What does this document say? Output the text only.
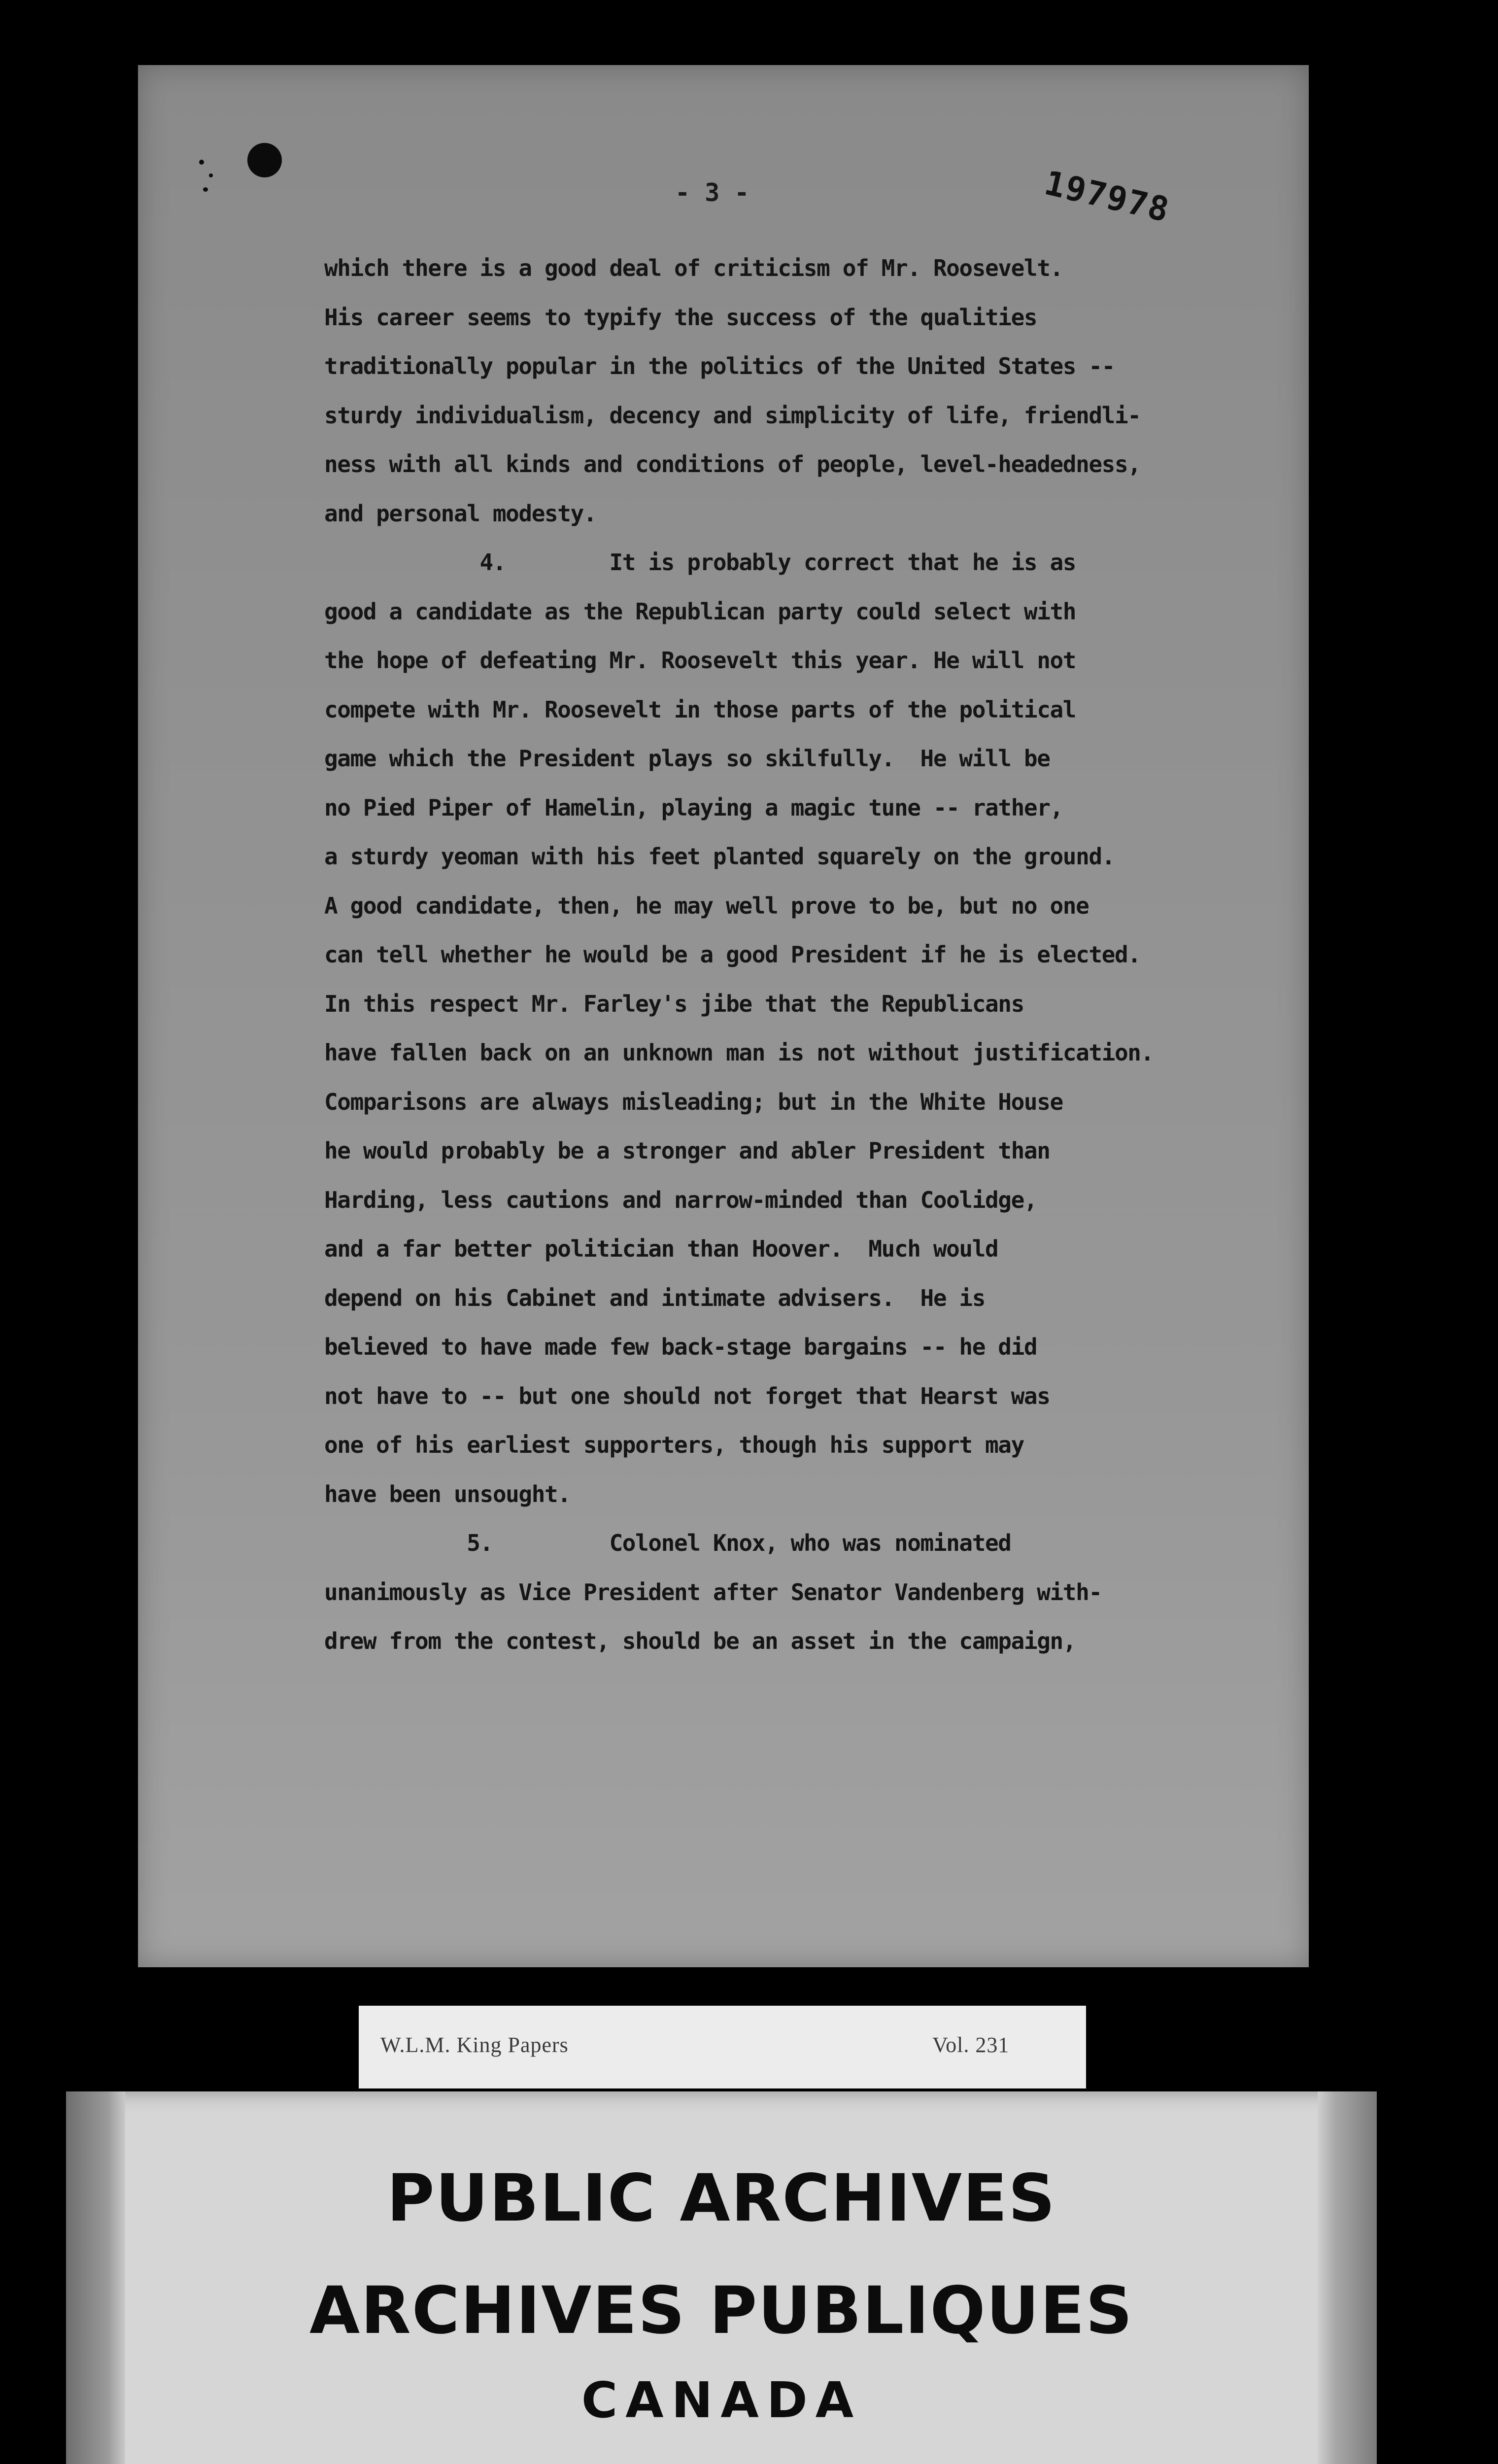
- 3 -	197978
which there is a good deal of criticism of Mr. Roosevelt.
His career seems to typify the success of the qualities
traditionally popular in the politics of the United States --
sturdy individualism, decency and simplicity of life, friendli-
ness with all kinds and conditions of people, level-headedness,
and personal modesty.
4.        It is probably correct that he is as
good a candidate as the Republican party could select with
the hope of defeating Mr. Roosevelt this year. He will not
compete with Mr. Roosevelt in those parts of the political
game which the President plays so skilfully.  He will be
no Pied Piper of Hamelin, playing a magic tune -- rather,
a sturdy yeoman with his feet planted squarely on the ground.
A good candidate, then, he may well prove to be, but no one
can tell whether he would be a good President if he is elected.
In this respect Mr. Farley's jibe that the Republicans
have fallen back on an unknown man is not without justification.
Comparisons are always misleading; but in the White House
he would probably be a stronger and abler President than
Harding, less cautions and narrow-minded than Coolidge,
and a far better politician than Hoover.  Much would
depend on his Cabinet and intimate advisers.  He is
believed to have made few back-stage bargains -- he did
not have to -- but one should not forget that Hearst was
one of his earliest supporters, though his support may
have been unsought.
5.         Colonel Knox, who was nominated
unanimously as Vice President after Senator Vandenberg with-
drew from the contest, should be an asset in the campaign,
W.L.M. King Papers	Vol. 231
PUBLIC ARCHIVES
ARCHIVES PUBLIQUES
CANADA
